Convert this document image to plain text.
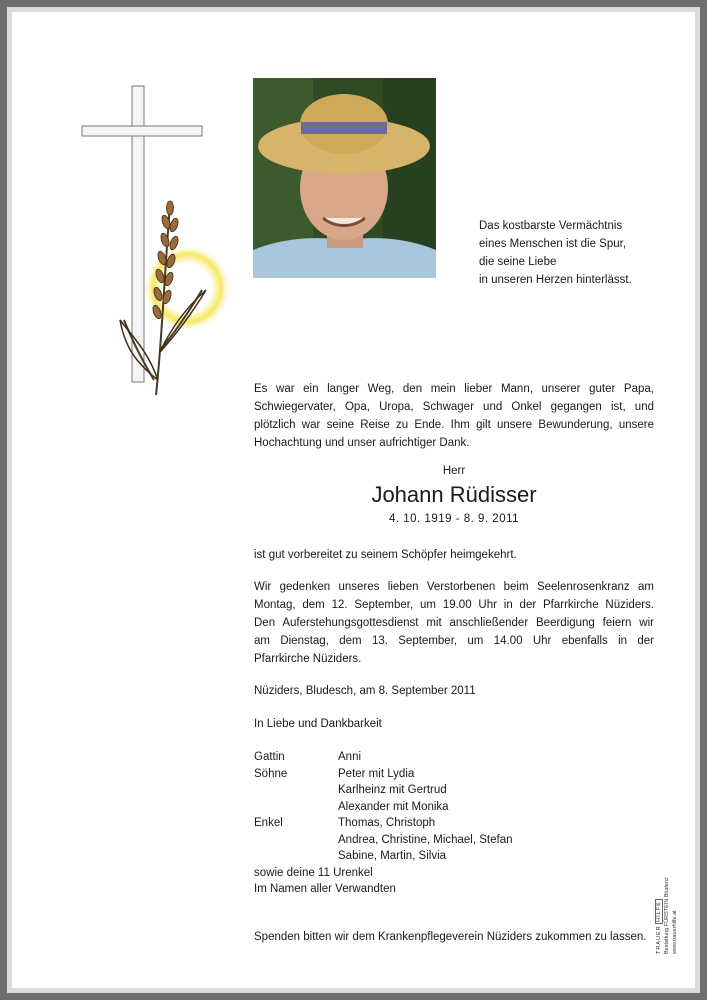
Das kostbarste Vermächtnis
eines Menschen ist die Spur,
die seine Liebe
in unseren Herzen hinterlässt.
Es war ein langer Weg, den mein lieber Mann, unserer guter Papa,
Schwiegervater, Opa, Uropa, Schwager und Onkel gegangen ist, und
plötzlich war seine Reise zu Ende. Ihm gilt unsere Bewunderung, unsere
Hochachtung und unser aufrichtiger Dank.
Herr
Johann Rüdisser
4. 10. 1919 - 8. 9. 2011
ist gut vorbereitet zu seinem Schöpfer heimgekehrt.
Wir gedenken unseres lieben Verstorbenen beim Seelenrosenkranz am
Montag, dem 12. September, um 19.00 Uhr in der Pfarrkirche Nüziders.
Den Auferstehungsgottesdienst mit anschließender Beerdigung feiern wir
am Dienstag, dem 13. September, um 14.00 Uhr ebenfalls in der
Pfarrkirche Nüziders.
Nüziders, Bludesch, am 8. September 2011
In Liebe und Dankbarkeit
Gattin	Anni
Söhne	Peter mit Lydia
Karlheinz mit Gertrud
Alexander mit Monika
Enkel	Thomas, Christoph
Andrea, Christine, Michael, Stefan
Sabine, Martin, Silvia
sowie deine 11 Urenkel
Im Namen aller Verwandten
Spenden bitten wir dem Krankenpflegeverein Nüziders zukommen zu lassen. TRAUER HILFE
Bestattung FÜRSTEIN Bludenz
www.trauerhilfe.at
